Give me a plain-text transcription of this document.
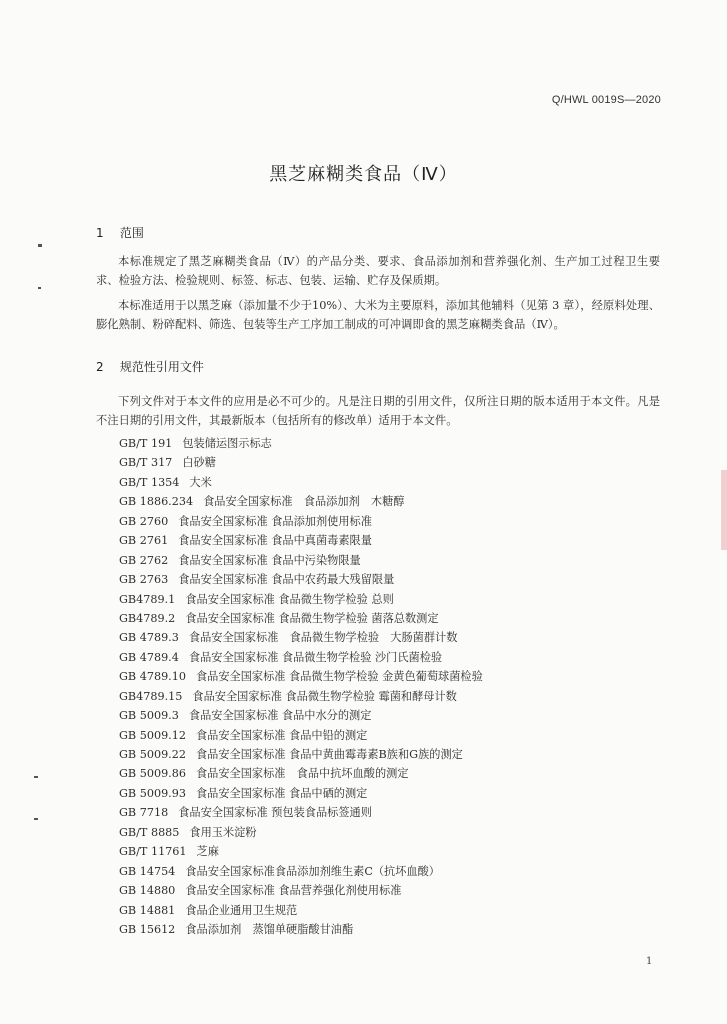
Q/HWL 0019S—2020
黑芝麻糊类食品（Ⅳ）
1 范围

本标准规定了黑芝麻糊类食品（Ⅳ）的产品分类、要求、食品添加剂和营养强化剂、生产加工过程卫生要求、检验方法、检验规则、标签、标志、包装、运输、贮存及保质期。

本标准适用于以黑芝麻（添加量不少于10%）、大米为主要原料，添加其他辅料（见第 3 章），经原料处理、膨化熟制、粉碎配料、筛选、包装等生产工序加工制成的可冲调即食的黑芝麻糊类食品（Ⅳ）。

2 规范性引用文件

下列文件对于本文件的应用是必不可少的。凡是注日期的引用文件，仅所注日期的版本适用于本文件。凡是不注日期的引用文件，其最新版本（包括所有的修改单）适用于本文件。

GB/T 191 包装储运图示标志
GB/T 317 白砂糖
GB/T 1354 大米
GB 1886.234 食品安全国家标准　食品添加剂　木糖醇
GB 2760 食品安全国家标准 食品添加剂使用标准
GB 2761 食品安全国家标准 食品中真菌毒素限量
GB 2762 食品安全国家标准 食品中污染物限量
GB 2763 食品安全国家标准 食品中农药最大残留限量
GB4789.1 食品安全国家标准 食品微生物学检验 总则
GB4789.2 食品安全国家标准 食品微生物学检验 菌落总数测定
GB 4789.3 食品安全国家标准　食品微生物学检验　大肠菌群计数
GB 4789.4 食品安全国家标准 食品微生物学检验 沙门氏菌检验
GB 4789.10 食品安全国家标准 食品微生物学检验 金黄色葡萄球菌检验
GB4789.15 食品安全国家标准 食品微生物学检验 霉菌和酵母计数
GB 5009.3 食品安全国家标准 食品中水分的测定
GB 5009.12 食品安全国家标准 食品中铅的测定
GB 5009.22 食品安全国家标准 食品中黄曲霉毒素B族和G族的测定
GB 5009.86 食品安全国家标准　食品中抗坏血酸的测定
GB 5009.93 食品安全国家标准 食品中硒的测定
GB 7718 食品安全国家标准 预包装食品标签通则
GB/T 8885 食用玉米淀粉
GB/T 11761 芝麻
GB 14754 食品安全国家标准食品添加剂维生素C（抗坏血酸）
GB 14880 食品安全国家标准 食品营养强化剂使用标准
GB 14881 食品企业通用卫生规范
GB 15612 食品添加剂　蒸馏单硬脂酸甘油酯
1
